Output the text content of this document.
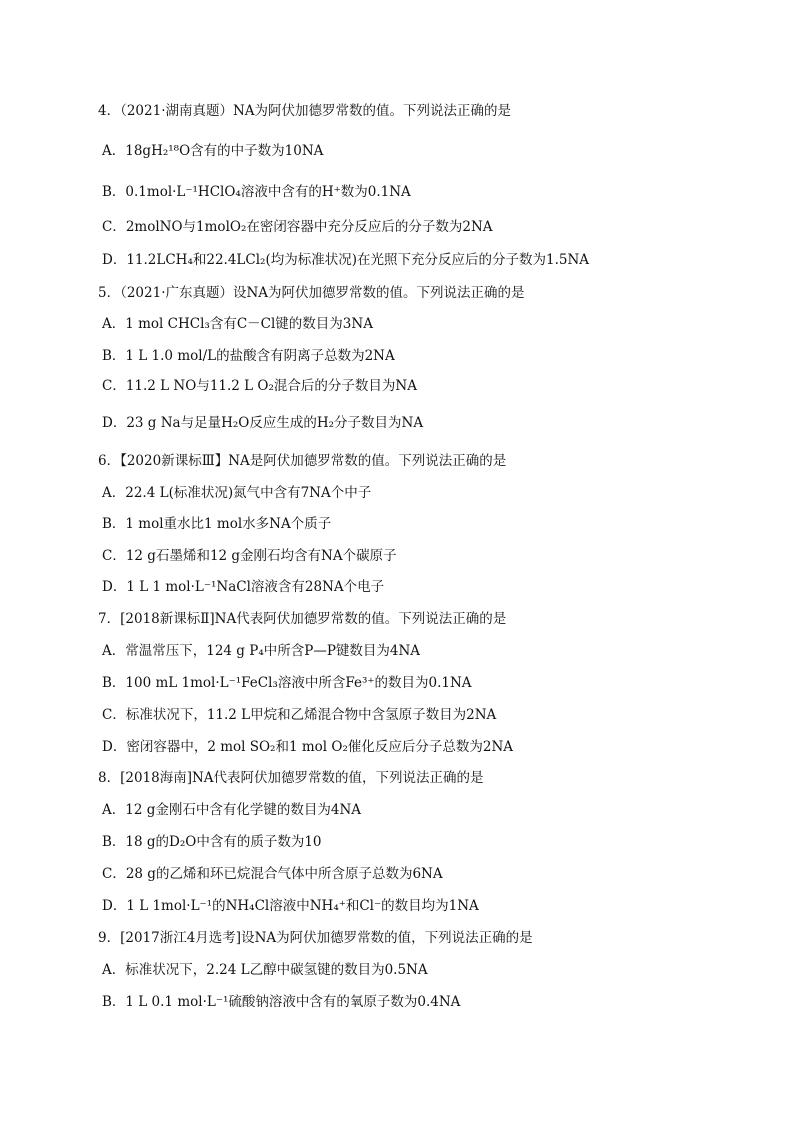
4．（2021·湖南真题）NA为阿伏加德罗常数的值。下列说法正确的是
A．18gH₂¹⁸O含有的中子数为10NA
B．0.1mol·L⁻¹HClO₄溶液中含有的H⁺数为0.1NA
C．2molNO与1molO₂在密闭容器中充分反应后的分子数为2NA
D．11.2LCH₄和22.4LCl₂(均为标准状况)在光照下充分反应后的分子数为1.5NA
5．（2021·广东真题）设NA为阿伏加德罗常数的值。下列说法正确的是
A．1 mol CHCl₃含有C－Cl键的数目为3NA
B．1 L 1.0 mol/L的盐酸含有阴离子总数为2NA
C．11.2 L NO与11.2 L O₂混合后的分子数目为NA
D．23 g Na与足量H₂O反应生成的H₂分子数目为NA
6．【2020新课标Ⅲ】NA是阿伏加德罗常数的值。下列说法正确的是
A．22.4 L(标准状况)氮气中含有7NA个中子
B．1 mol重水比1 mol水多NA个质子
C．12 g石墨烯和12 g金刚石均含有NA个碳原子
D．1 L 1 mol·L⁻¹NaCl溶液含有28NA个电子
7．[2018新课标Ⅱ]NA代表阿伏加德罗常数的值。下列说法正确的是
A．常温常压下，124 g P₄中所含P—P键数目为4NA
B．100 mL 1mol·L⁻¹FeCl₃溶液中所含Fe³⁺的数目为0.1NA
C．标准状况下，11.2 L甲烷和乙烯混合物中含氢原子数目为2NA
D．密闭容器中，2 mol SO₂和1 mol O₂催化反应后分子总数为2NA
8．[2018海南]NA代表阿伏加德罗常数的值，下列说法正确的是
A．12 g金刚石中含有化学键的数目为4NA
B．18 g的D₂O中含有的质子数为10
C．28 g的乙烯和环已烷混合气体中所含原子总数为6NA
D．1 L 1mol·L⁻¹的NH₄Cl溶液中NH₄⁺和Cl⁻的数目均为1NA
9．[2017浙江4月选考]设NA为阿伏加德罗常数的值，下列说法正确的是
A．标准状况下，2.24 L乙醇中碳氢键的数目为0.5NA
B．1 L 0.1 mol·L⁻¹硫酸钠溶液中含有的氧原子数为0.4NA
